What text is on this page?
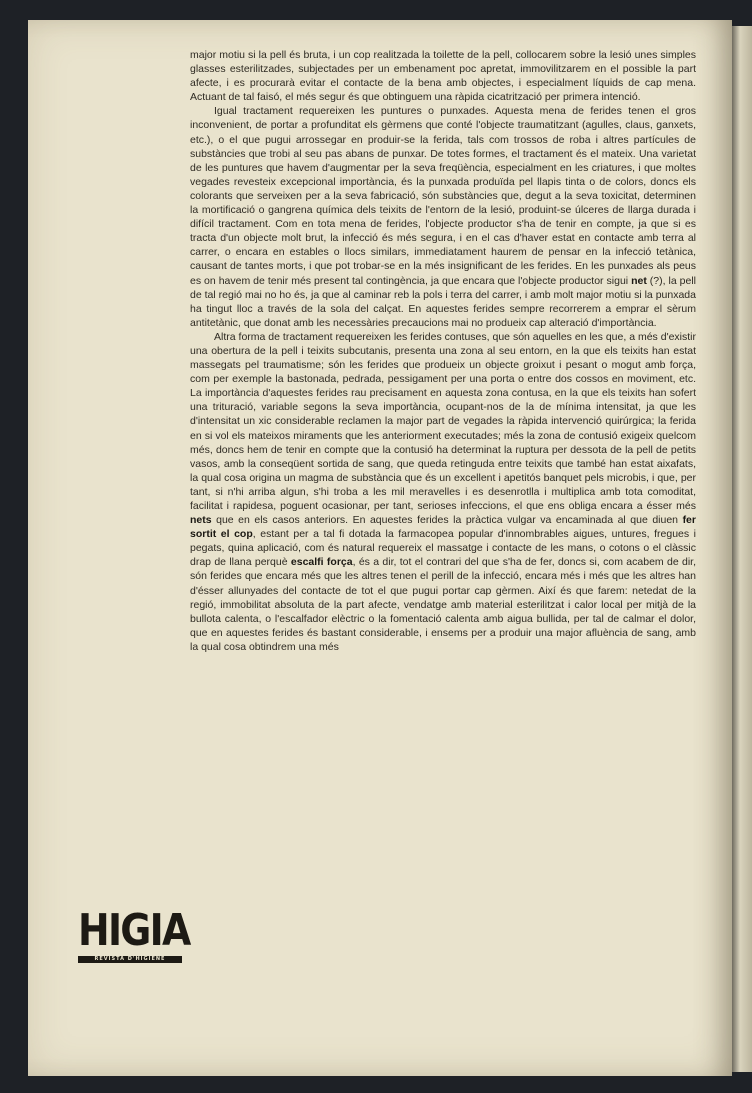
major motiu si la pell és bruta, i un cop realitzada la toilette de la pell, collocarem sobre la lesió unes simples glasses esterilitzades, subjectades per un embenament poc apretat, immovilitzarem en el possible la part afecte, i es procurarà evitar el contacte de la bena amb objectes, i especialment líquids de cap mena. Actuant de tal faisó, el més segur és que obtinguem una ràpida cicatrització per primera intenció.

Igual tractament requereixen les puntures o punxades. Aquesta mena de ferides tenen el gros inconvenient, de portar a profunditat els gèrmens que conté l'objecte traumatitzant (agulles, claus, ganxets, etc.), o el que pugui arrossegar en produir-se la ferida, tals com trossos de roba i altres partícules de substàncies que trobi al seu pas abans de punxar. De totes formes, el tractament és el mateix. Una varietat de les puntures que havem d'augmentar per la seva freqüència, especialment en les criatures, i que moltes vegades revesteix excepcional importància, és la punxada produïda pel llapis tinta o de colors, doncs els colorants que serveixen per a la seva fabricació, són substàncies que, degut a la seva toxicitat, determinen la mortificació o gangrena química dels teixits de l'entorn de la lesió, produint-se úlceres de llarga durada i difícil tractament. Com en tota mena de ferides, l'objecte productor s'ha de tenir en compte, ja que si es tracta d'un objecte molt brut, la infecció és més segura, i en el cas d'haver estat en contacte amb terra al carrer, o encara en estables o llocs similars, immediatament haurem de pensar en la infecció tetànica, causant de tantes morts, i que pot trobar-se en la més insignificant de les ferides. En les punxades als peus es on havem de tenir més present tal contingència, ja que encara que l'objecte productor sigui net (?), la pell de tal regió mai no ho és, ja que al caminar reb la pols i terra del carrer, i amb molt major motiu si la punxada ha tingut lloc a través de la sola del calçat. En aquestes ferides sempre recorrerem a emprar el sèrum antitetànic, que donat amb les necessàries precaucions mai no produeix cap alteració d'importància.

Altra forma de tractament requereixen les ferides contuses, que són aquelles en les que, a més d'existir una obertura de la pell i teixits subcutanis, presenta una zona al seu entorn, en la que els teixits han estat massegats pel traumatisme; són les ferides que produeix un objecte groixut i pesant o mogut amb força, com per exemple la bastonada, pedrada, pessigament per una porta o entre dos cossos en moviment, etc. La importància d'aquestes ferides rau precisament en aquesta zona contusa, en la que els teixits han sofert una trituració, variable segons la seva importància, ocupant-nos de la de mínima intensitat, ja que les d'intensitat un xic considerable reclamen la major part de vegades la ràpida intervenció quirúrgica; la ferida en si vol els mateixos miraments que les anteriorment executades; més la zona de contusió exigeix quelcom més, doncs hem de tenir en compte que la contusió ha determinat la ruptura per dessota de la pell de petits vasos, amb la conseqüent sortida de sang, que queda retinguda entre teixits que també han estat aixafats, la qual cosa origina un magma de substància que és un excellent i apetitós banquet pels microbis, i que, per tant, si n'hi arriba algun, s'hi troba a les mil meravelles i es desenrotlla i multiplica amb tota comoditat, facilitat i rapidesa, poguent ocasionar, per tant, serioses infeccions, el que ens obliga encara a ésser més nets que en els casos anteriors. En aquestes ferides la pràctica vulgar va encaminada al que diuen fer sortit el cop, estant per a tal fi dotada la farmacopea popular d'innombrables aigues, untures, fregues i pegats, quina aplicació, com és natural requereix el massatge i contacte de les mans, o cotons o el clàssic drap de llana perquè escalfi força, és a dir, tot el contrari del que s'ha de fer, doncs si, com acabem de dir, són ferides que encara més que les altres tenen el perill de la infecció, encara més i més que les altres han d'ésser allunyades del contacte de tot el que pugui portar cap gèrmen. Així és que farem: netedat de la regió, immobilitat absoluta de la part afecte, vendatge amb material esterilitzat i calor local per mitjà de la bullota calenta, o l'escalfador elèctric o la fomentació calenta amb aigua bullida, per tal de calmar el dolor, que en aquestes ferides és bastant considerable, i ensems per a produir una major afluència de sang, amb la qual cosa obtindrem una més

HIGIA
REVISTA D'HIGIENE
